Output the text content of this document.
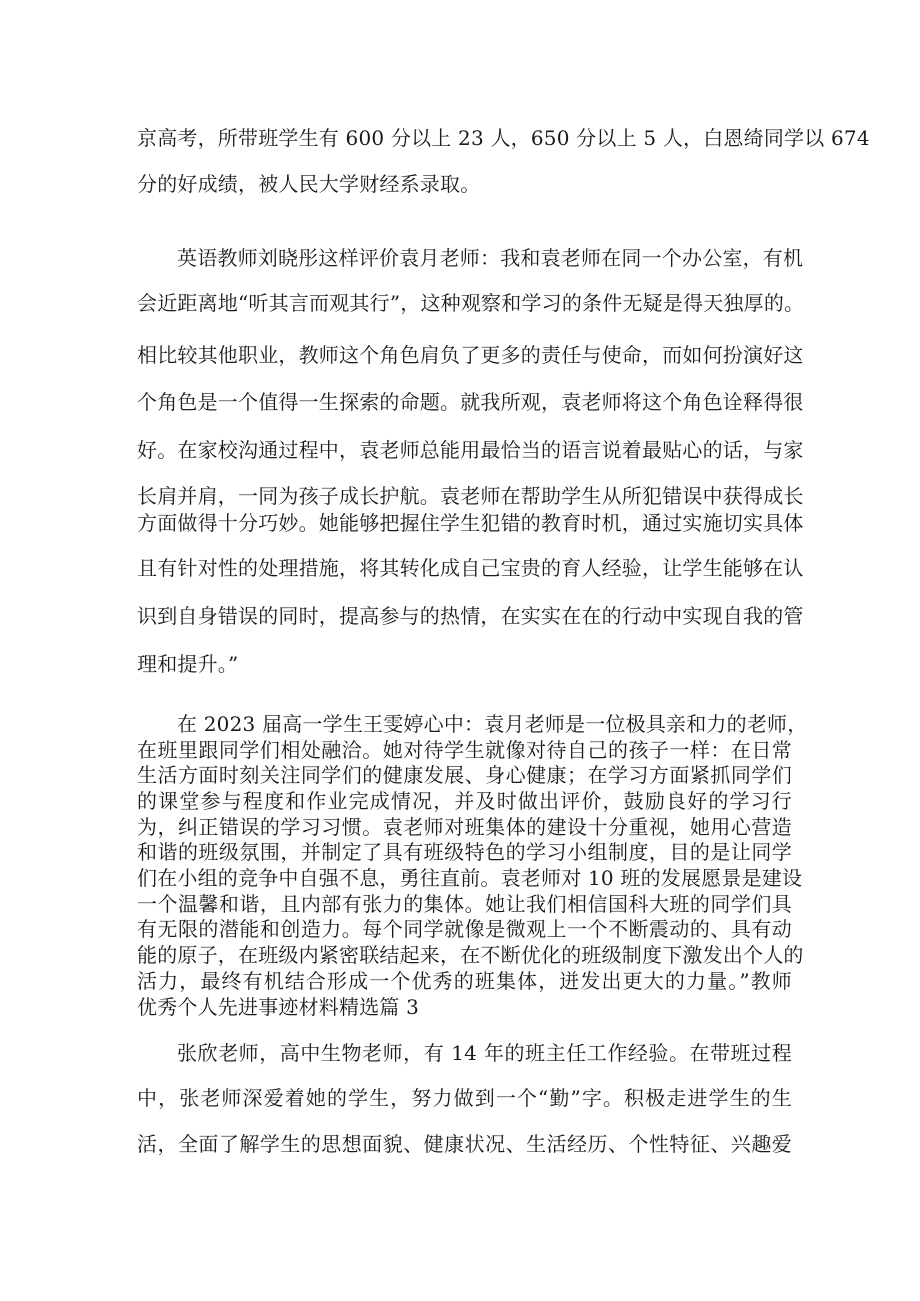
京高考，所带班学生有 600 分以上 23 人，650 分以上 5 人，白恩绮同学以 674
分的好成绩，被人民大学财经系录取。
英语教师刘晓彤这样评价袁月老师：我和袁老师在同一个办公室，有机
会近距离地“听其言而观其行”，这种观察和学习的条件无疑是得天独厚的。
相比较其他职业，教师这个角色肩负了更多的责任与使命，而如何扮演好这
个角色是一个值得一生探索的命题。就我所观，袁老师将这个角色诠释得很
好。在家校沟通过程中，袁老师总能用最恰当的语言说着最贴心的话，与家
长肩并肩，一同为孩子成长护航。袁老师在帮助学生从所犯错误中获得成长
方面做得十分巧妙。她能够把握住学生犯错的教育时机，通过实施切实具体
且有针对性的处理措施，将其转化成自己宝贵的育人经验，让学生能够在认
识到自身错误的同时，提高参与的热情，在实实在在的行动中实现自我的管
理和提升。”
在 2023 届高一学生王雯婷心中：袁月老师是一位极具亲和力的老师，
在班里跟同学们相处融洽。她对待学生就像对待自己的孩子一样：在日常
生活方面时刻关注同学们的健康发展、身心健康；在学习方面紧抓同学们
的课堂参与程度和作业完成情况，并及时做出评价，鼓励良好的学习行
为，纠正错误的学习习惯。袁老师对班集体的建设十分重视，她用心营造
和谐的班级氛围，并制定了具有班级特色的学习小组制度，目的是让同学
们在小组的竞争中自强不息，勇往直前。袁老师对 10 班的发展愿景是建设
一个温馨和谐，且内部有张力的集体。她让我们相信国科大班的同学们具
有无限的潜能和创造力。每个同学就像是微观上一个不断震动的、具有动
能的原子，在班级内紧密联结起来，在不断优化的班级制度下激发出个人的
活力，最终有机结合形成一个优秀的班集体，迸发出更大的力量。”教师
优秀个人先进事迹材料精选篇 3
张欣老师，高中生物老师，有 14 年的班主任工作经验。在带班过程
中，张老师深爱着她的学生，努力做到一个“勤”字。积极走进学生的生
活，全面了解学生的思想面貌、健康状况、生活经历、个性特征、兴趣爱
